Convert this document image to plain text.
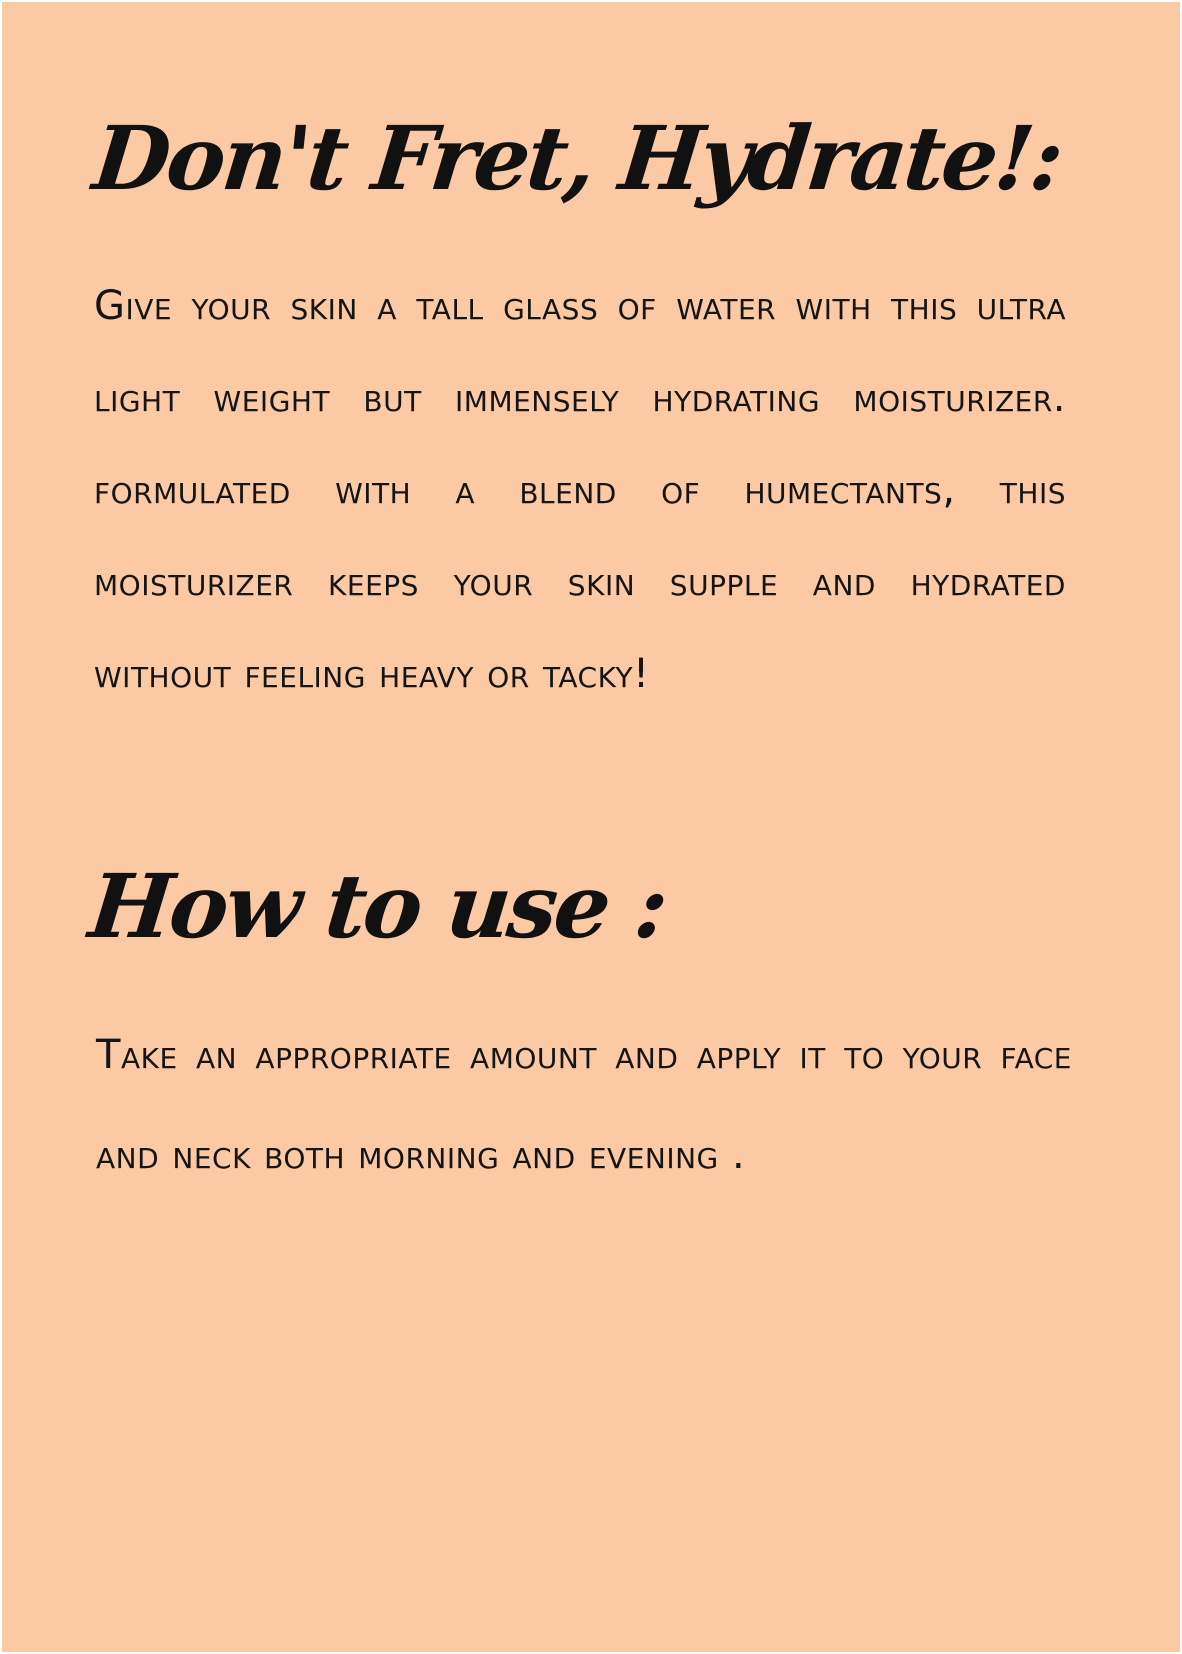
Don't Fret, Hydrate!:

Give your skin a tall glass of water with this ultra light weight but immensely hydrating moisturizer. formulated with a blend of humectants, this moisturizer keeps your skin supple and hydrated without feeling heavy or tacky!

How to use :

Take an appropriate amount and apply it to your face and neck both morning and evening .
